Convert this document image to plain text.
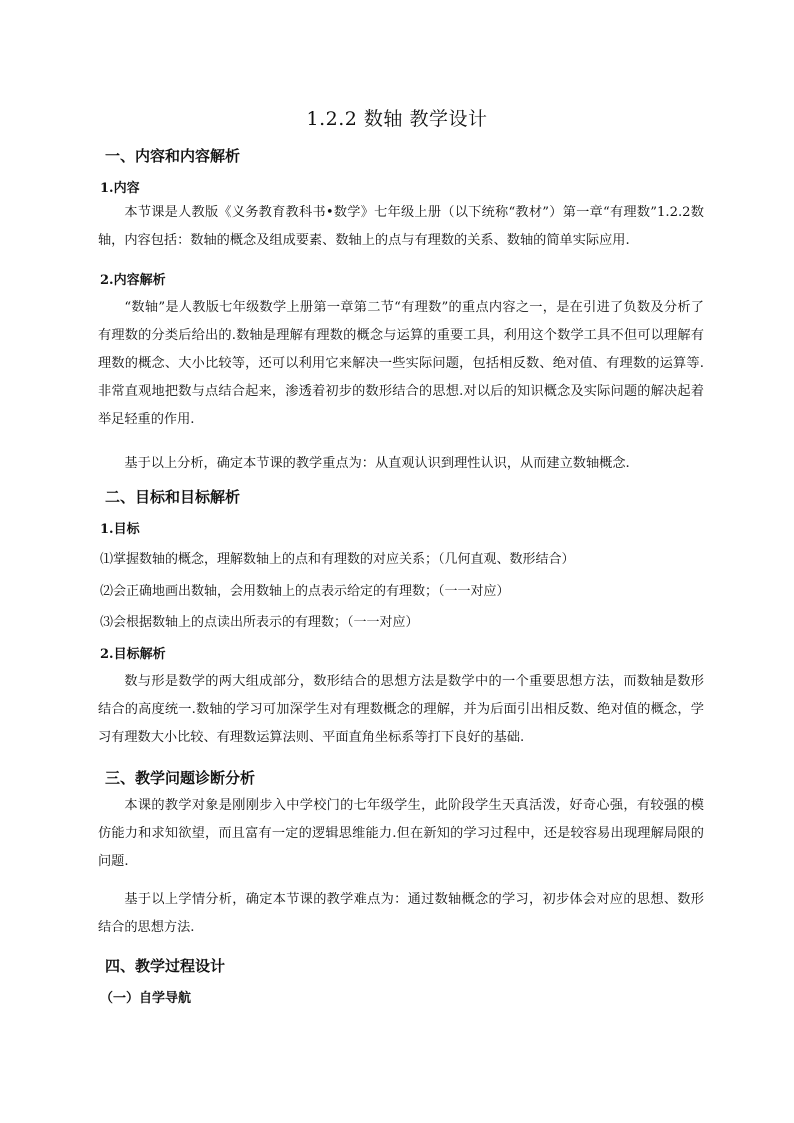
1.2.2 数轴 教学设计
一、内容和内容解析
1.内容

本节课是人教版《义务教育教科书•数学》七年级上册（以下统称“教材”）第一章“有理数”1.2.2数轴，内容包括：数轴的概念及组成要素、数轴上的点与有理数的关系、数轴的简单实际应用.

2.内容解析

“数轴”是人教版七年级数学上册第一章第二节“有理数”的重点内容之一，是在引进了负数及分析了有理数的分类后给出的.数轴是理解有理数的概念与运算的重要工具，利用这个数学工具不但可以理解有理数的概念、大小比较等，还可以利用它来解决一些实际问题，包括相反数、绝对值、有理数的运算等.非常直观地把数与点结合起来，渗透着初步的数形结合的思想.对以后的知识概念及实际问题的解决起着举足轻重的作用.

基于以上分析，确定本节课的教学重点为：从直观认识到理性认识，从而建立数轴概念.

二、目标和目标解析
1.目标
⑴掌握数轴的概念，理解数轴上的点和有理数的对应关系；（几何直观、数形结合）
⑵会正确地画出数轴，会用数轴上的点表示给定的有理数；（一一对应）
⑶会根据数轴上的点读出所表示的有理数；（一一对应）
2.目标解析

数与形是数学的两大组成部分，数形结合的思想方法是数学中的一个重要思想方法，而数轴是数形结合的高度统一.数轴的学习可加深学生对有理数概念的理解，并为后面引出相反数、绝对值的概念，学习有理数大小比较、有理数运算法则、平面直角坐标系等打下良好的基础.

三、教学问题诊断分析

本课的教学对象是刚刚步入中学校门的七年级学生，此阶段学生天真活泼，好奇心强，有较强的模仿能力和求知欲望，而且富有一定的逻辑思维能力.但在新知的学习过程中，还是较容易出现理解局限的问题.

基于以上学情分析，确定本节课的教学难点为：通过数轴概念的学习，初步体会对应的思想、数形结合的思想方法.

四、教学过程设计
（一）自学导航
